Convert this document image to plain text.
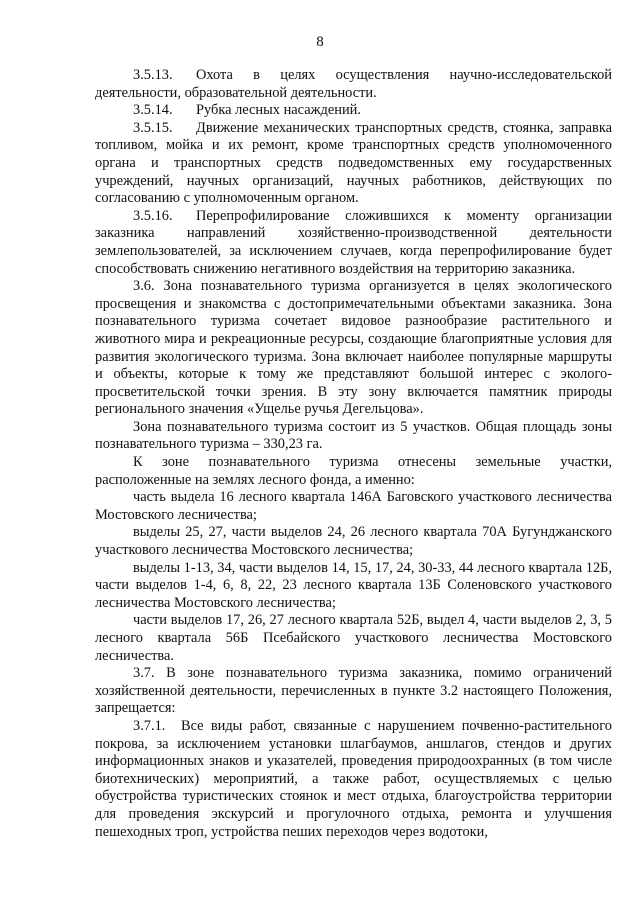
8

3.5.13. Охота в целях осуществления научно-исследовательской деятельности, образовательной деятельности.

3.5.14. Рубка лесных насаждений.

3.5.15. Движение механических транспортных средств, стоянка, заправка топливом, мойка и их ремонт, кроме транспортных средств уполномоченного органа и транспортных средств подведомственных ему государственных учреждений, научных организаций, научных работников, действующих по согласованию с уполномоченным органом.

3.5.16. Перепрофилирование сложившихся к моменту организации заказника направлений хозяйственно-производственной деятельности землепользователей, за исключением случаев, когда перепрофилирование будет способствовать снижению негативного воздействия на территорию заказника.

3.6. Зона познавательного туризма организуется в целях экологического просвещения и знакомства с достопримечательными объектами заказника. Зона познавательного туризма сочетает видовое разнообразие растительного и животного мира и рекреационные ресурсы, создающие благоприятные условия для развития экологического туризма. Зона включает наиболее популярные маршруты и объекты, которые к тому же представляют большой интерес с эколого-просветительской точки зрения. В эту зону включается памятник природы регионального значения «Ущелье ручья Дегельцова».

Зона познавательного туризма состоит из 5 участков. Общая площадь зоны познавательного туризма – 330,23 га.

К зоне познавательного туризма отнесены земельные участки, расположенные на землях лесного фонда, а именно:

часть выдела 16 лесного квартала 146А Баговского участкового лесничества Мостовского лесничества;

выделы 25, 27, части выделов 24, 26 лесного квартала 70А Бугунджанского участкового лесничества Мостовского лесничества;

выделы 1-13, 34, части выделов 14, 15, 17, 24, 30-33, 44 лесного квартала 12Б, части выделов 1-4, 6, 8, 22, 23 лесного квартала 13Б Соленовского участкового лесничества Мостовского лесничества;

части выделов 17, 26, 27 лесного квартала 52Б, выдел 4, части выделов 2, 3, 5 лесного квартала 56Б Псебайского участкового лесничества Мостовского лесничества.

3.7. В зоне познавательного туризма заказника, помимо ограничений хозяйственной деятельности, перечисленных в пункте 3.2 настоящего Положения, запрещается:

3.7.1. Все виды работ, связанные с нарушением почвенно-растительного покрова, за исключением установки шлагбаумов, аншлагов, стендов и других информационных знаков и указателей, проведения природоохранных (в том числе биотехнических) мероприятий, а также работ, осуществляемых с целью обустройства туристических стоянок и мест отдыха, благоустройства территории для проведения экскурсий и прогулочного отдыха, ремонта и улучшения пешеходных троп, устройства пеших переходов через водотоки,
